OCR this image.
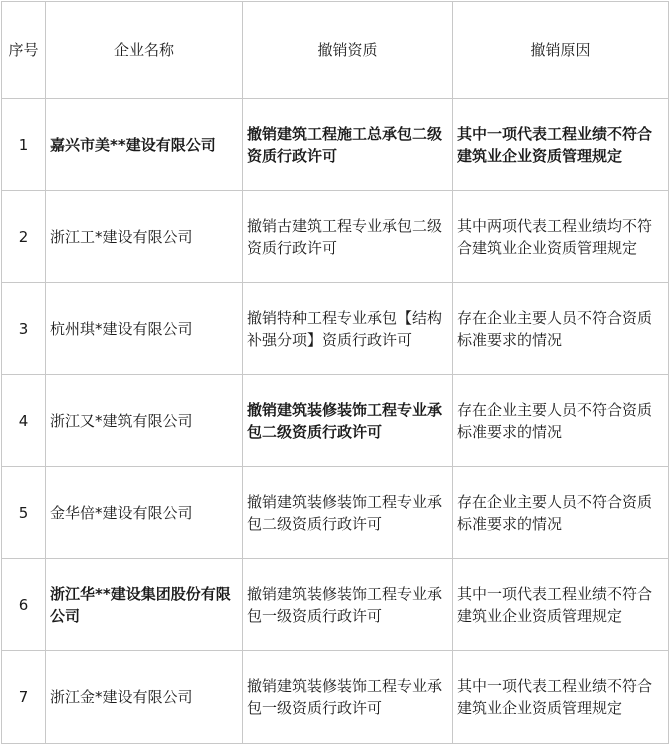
序号	企业名称	撤销资质	撤销原因
1	嘉兴市美**建设有限公司	撤销建筑工程施工总承包二级资质行政许可	其中一项代表工程业绩不符合建筑业企业资质管理规定
2	浙江工*建设有限公司	撤销古建筑工程专业承包二级资质行政许可	其中两项代表工程业绩均不符合建筑业企业资质管理规定
3	杭州琪*建设有限公司	撤销特种工程专业承包【结构补强分项】资质行政许可	存在企业主要人员不符合资质标准要求的情况
4	浙江又*建筑有限公司	撤销建筑装修装饰工程专业承包二级资质行政许可	存在企业主要人员不符合资质标准要求的情况
5	金华倍*建设有限公司	撤销建筑装修装饰工程专业承包二级资质行政许可	存在企业主要人员不符合资质标准要求的情况
6	浙江华**建设集团股份有限公司	撤销建筑装修装饰工程专业承包一级资质行政许可	其中一项代表工程业绩不符合建筑业企业资质管理规定
7	浙江金*建设有限公司	撤销建筑装修装饰工程专业承包一级资质行政许可	其中一项代表工程业绩不符合建筑业企业资质管理规定
